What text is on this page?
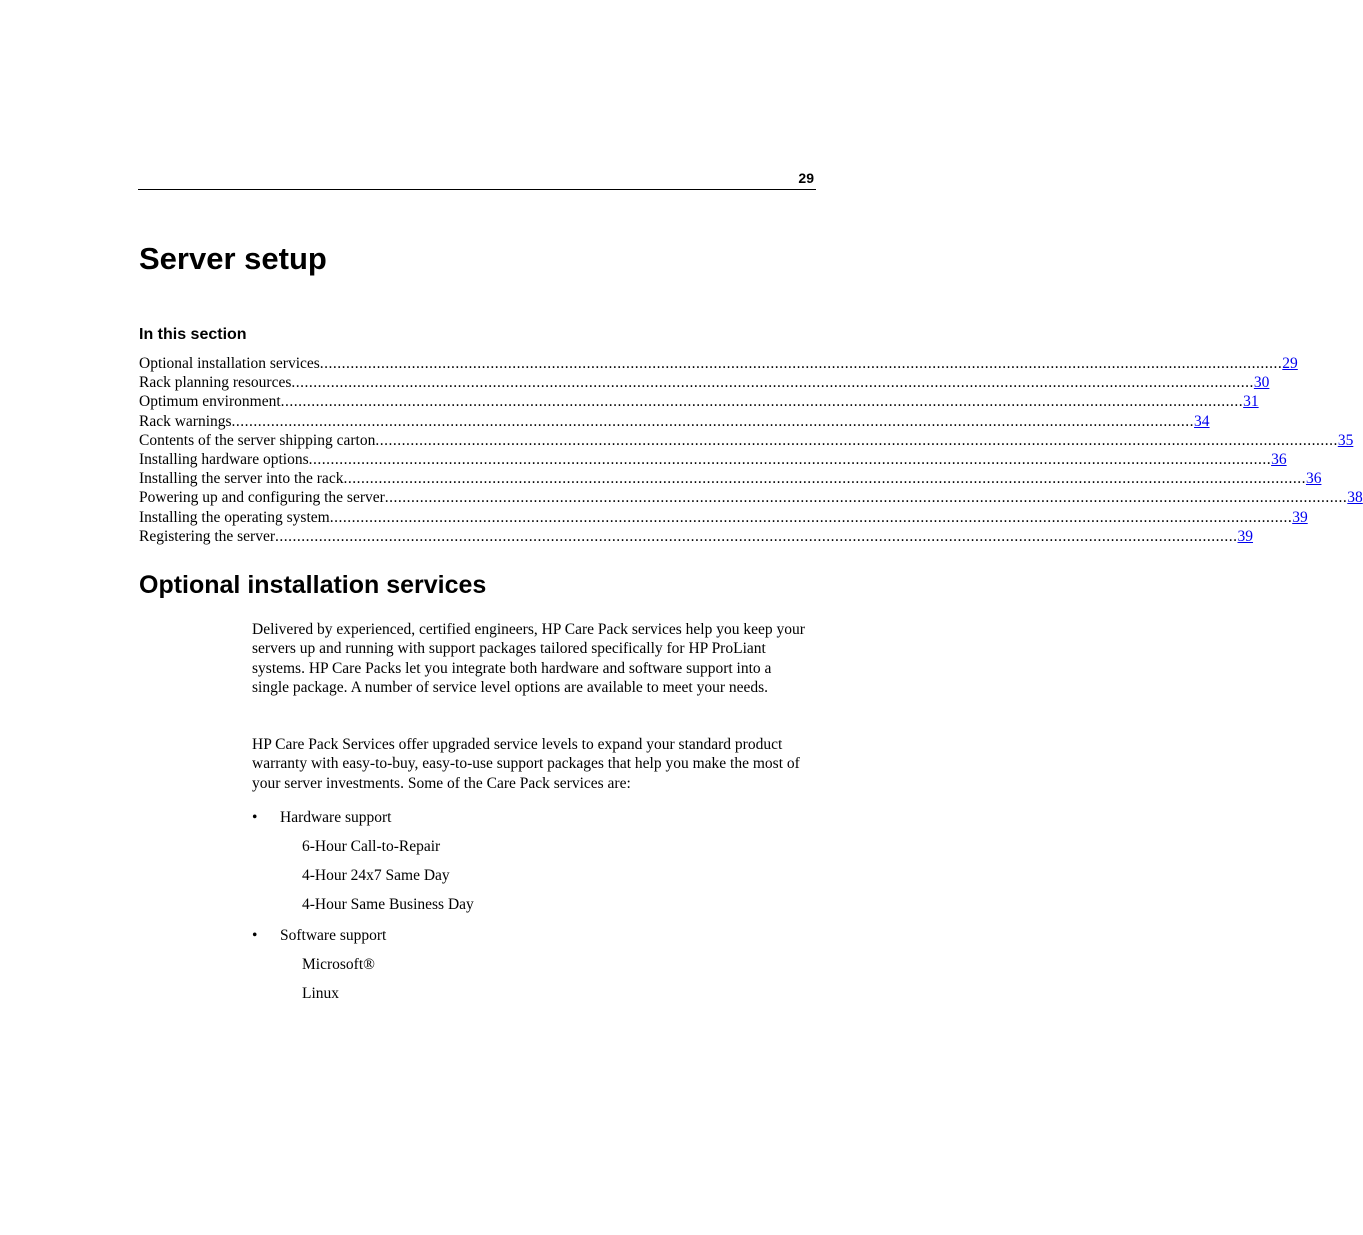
29
Server setup
In this section
Optional installation services ............................................................................................................................................................................................................................ 29
Rack planning resources ............................................................................................................................................................................................................................ 30
Optimum environment ............................................................................................................................................................................................................................ 31
Rack warnings ............................................................................................................................................................................................................................ 34
Contents of the server shipping carton ............................................................................................................................................................................................................................ 35
Installing hardware options ............................................................................................................................................................................................................................ 36
Installing the server into the rack ............................................................................................................................................................................................................................ 36
Powering up and configuring the server ............................................................................................................................................................................................................................ 38
Installing the operating system ............................................................................................................................................................................................................................ 39
Registering the server ............................................................................................................................................................................................................................ 39
Optional installation services

Delivered by experienced, certified engineers, HP Care Pack services help you keep your servers up and running with support packages tailored specifically for HP ProLiant systems. HP Care Packs let you integrate both hardware and software support into a single package. A number of service level options are available to meet your needs.

HP Care Pack Services offer upgraded service levels to expand your standard product warranty with easy-to-buy, easy-to-use support packages that help you make the most of your server investments. Some of the Care Pack services are:

• Hardware support
6-Hour Call-to-Repair
4-Hour 24x7 Same Day
4-Hour Same Business Day
• Software support
Microsoft®
Linux
